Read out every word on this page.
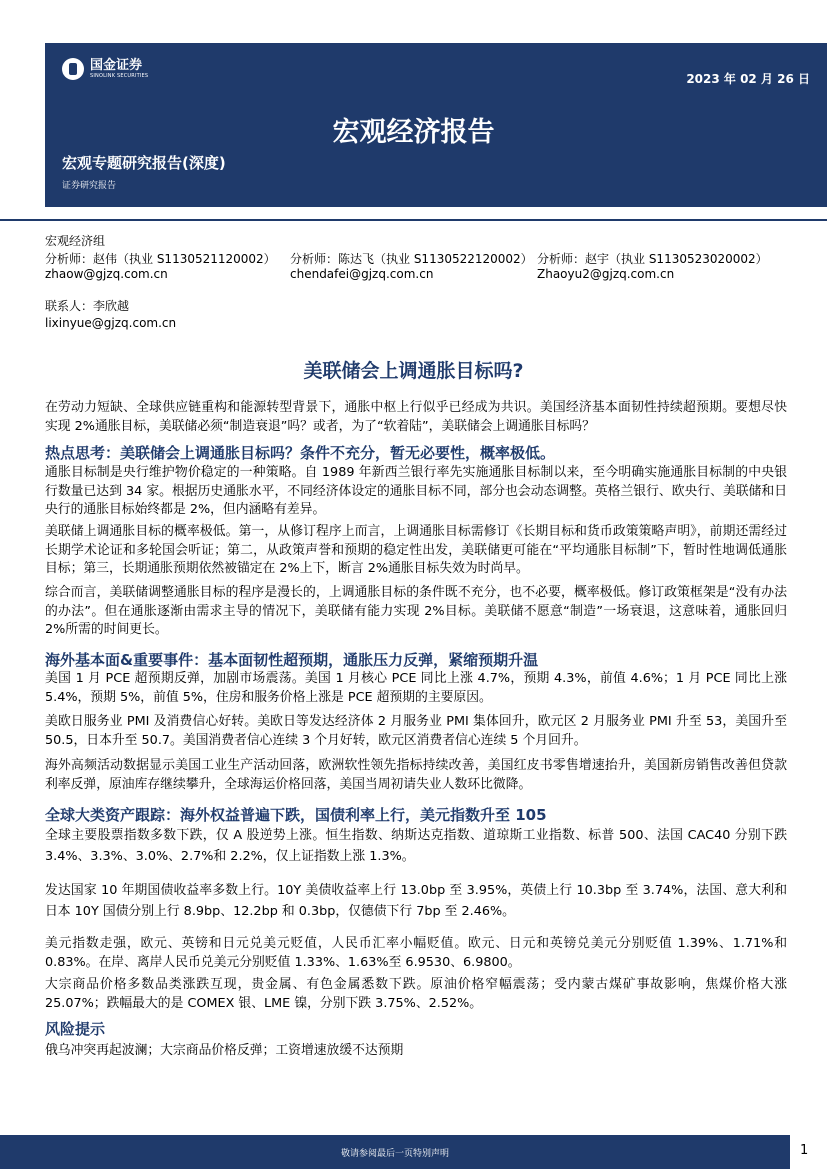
国金证券
SINOLINK SECURITIES	2023 年 02 月 26 日
宏观经济报告
宏观专题研究报告(深度)
证券研究报告
宏观经济组
分析师：赵伟（执业 S1130521120002） 分析师：陈达飞（执业 S1130522120002） 分析师：赵宇（执业 S1130523020002）
zhaow@gjzq.com.cn	chendafei@gjzq.com.cn	Zhaoyu2@gjzq.com.cn
联系人：李欣越
lixinyue@gjzq.com.cn
美联储会上调通胀目标吗?

在劳动力短缺、全球供应链重构和能源转型背景下，通胀中枢上行似乎已经成为共识。美国经济基本面韧性持续超预期。要想尽快实现 2%通胀目标，美联储必须“制造衰退”吗？或者，为了“软着陆”，美联储会上调通胀目标吗？

热点思考：美联储会上调通胀目标吗？条件不充分，暂无必要性，概率极低。

通胀目标制是央行维护物价稳定的一种策略。自 1989 年新西兰银行率先实施通胀目标制以来，至今明确实施通胀目标制的中央银行数量已达到 34 家。根据历史通胀水平，不同经济体设定的通胀目标不同，部分也会动态调整。英格兰银行、欧央行、美联储和日央行的通胀目标始终都是 2%，但内涵略有差异。

美联储上调通胀目标的概率极低。第一，从修订程序上而言，上调通胀目标需修订《长期目标和货币政策策略声明》，前期还需经过长期学术论证和多轮国会听证；第二，从政策声誉和预期的稳定性出发，美联储更可能在“平均通胀目标制”下，暂时性地调低通胀目标；第三，长期通胀预期依然被锚定在 2%上下，断言 2%通胀目标失效为时尚早。

综合而言，美联储调整通胀目标的程序是漫长的，上调通胀目标的条件既不充分，也不必要，概率极低。修订政策框架是“没有办法的办法”。但在通胀逐渐由需求主导的情况下，美联储有能力实现 2%目标。美联储不愿意“制造”一场衰退，这意味着，通胀回归 2%所需的时间更长。

海外基本面&重要事件：基本面韧性超预期，通胀压力反弹，紧缩预期升温

美国 1 月 PCE 超预期反弹，加剧市场震荡。美国 1 月核心 PCE 同比上涨 4.7%，预期 4.3%，前值 4.6%；1 月 PCE 同比上涨 5.4%，预期 5%，前值 5%，住房和服务价格上涨是 PCE 超预期的主要原因。

美欧日服务业 PMI 及消费信心好转。美欧日等发达经济体 2 月服务业 PMI 集体回升，欧元区 2 月服务业 PMI 升至 53，美国升至 50.5，日本升至 50.7。美国消费者信心连续 3 个月好转，欧元区消费者信心连续 5 个月回升。

海外高频活动数据显示美国工业生产活动回落，欧洲软性领先指标持续改善，美国红皮书零售增速抬升，美国新房销售改善但贷款利率反弹，原油库存继续攀升，全球海运价格回落，美国当周初请失业人数环比微降。

全球大类资产跟踪：海外权益普遍下跌，国债利率上行，美元指数升至 105

全球主要股票指数多数下跌，仅 A 股逆势上涨。恒生指数、纳斯达克指数、道琼斯工业指数、标普 500、法国 CAC40 分别下跌 3.4%、3.3%、3.0%、2.7%和 2.2%，仅上证指数上涨 1.3%。

发达国家 10 年期国债收益率多数上行。10Y 美债收益率上行 13.0bp 至 3.95%，英债上行 10.3bp 至 3.74%，法国、意大利和日本 10Y 国债分别上行 8.9bp、12.2bp 和 0.3bp，仅德债下行 7bp 至 2.46%。

美元指数走强，欧元、英镑和日元兑美元贬值，人民币汇率小幅贬值。欧元、日元和英镑兑美元分别贬值 1.39%、1.71%和 0.83%。在岸、离岸人民币兑美元分别贬值 1.33%、1.63%至 6.9530、6.9800。

大宗商品价格多数品类涨跌互现，贵金属、有色金属悉数下跌。原油价格窄幅震荡；受内蒙古煤矿事故影响，焦煤价格大涨 25.07%；跌幅最大的是 COMEX 银、LME 镍，分别下跌 3.75%、2.52%。

风险提示

俄乌冲突再起波澜；大宗商品价格反弹；工资增速放缓不达预期

敬请参阅最后一页特别声明	1
